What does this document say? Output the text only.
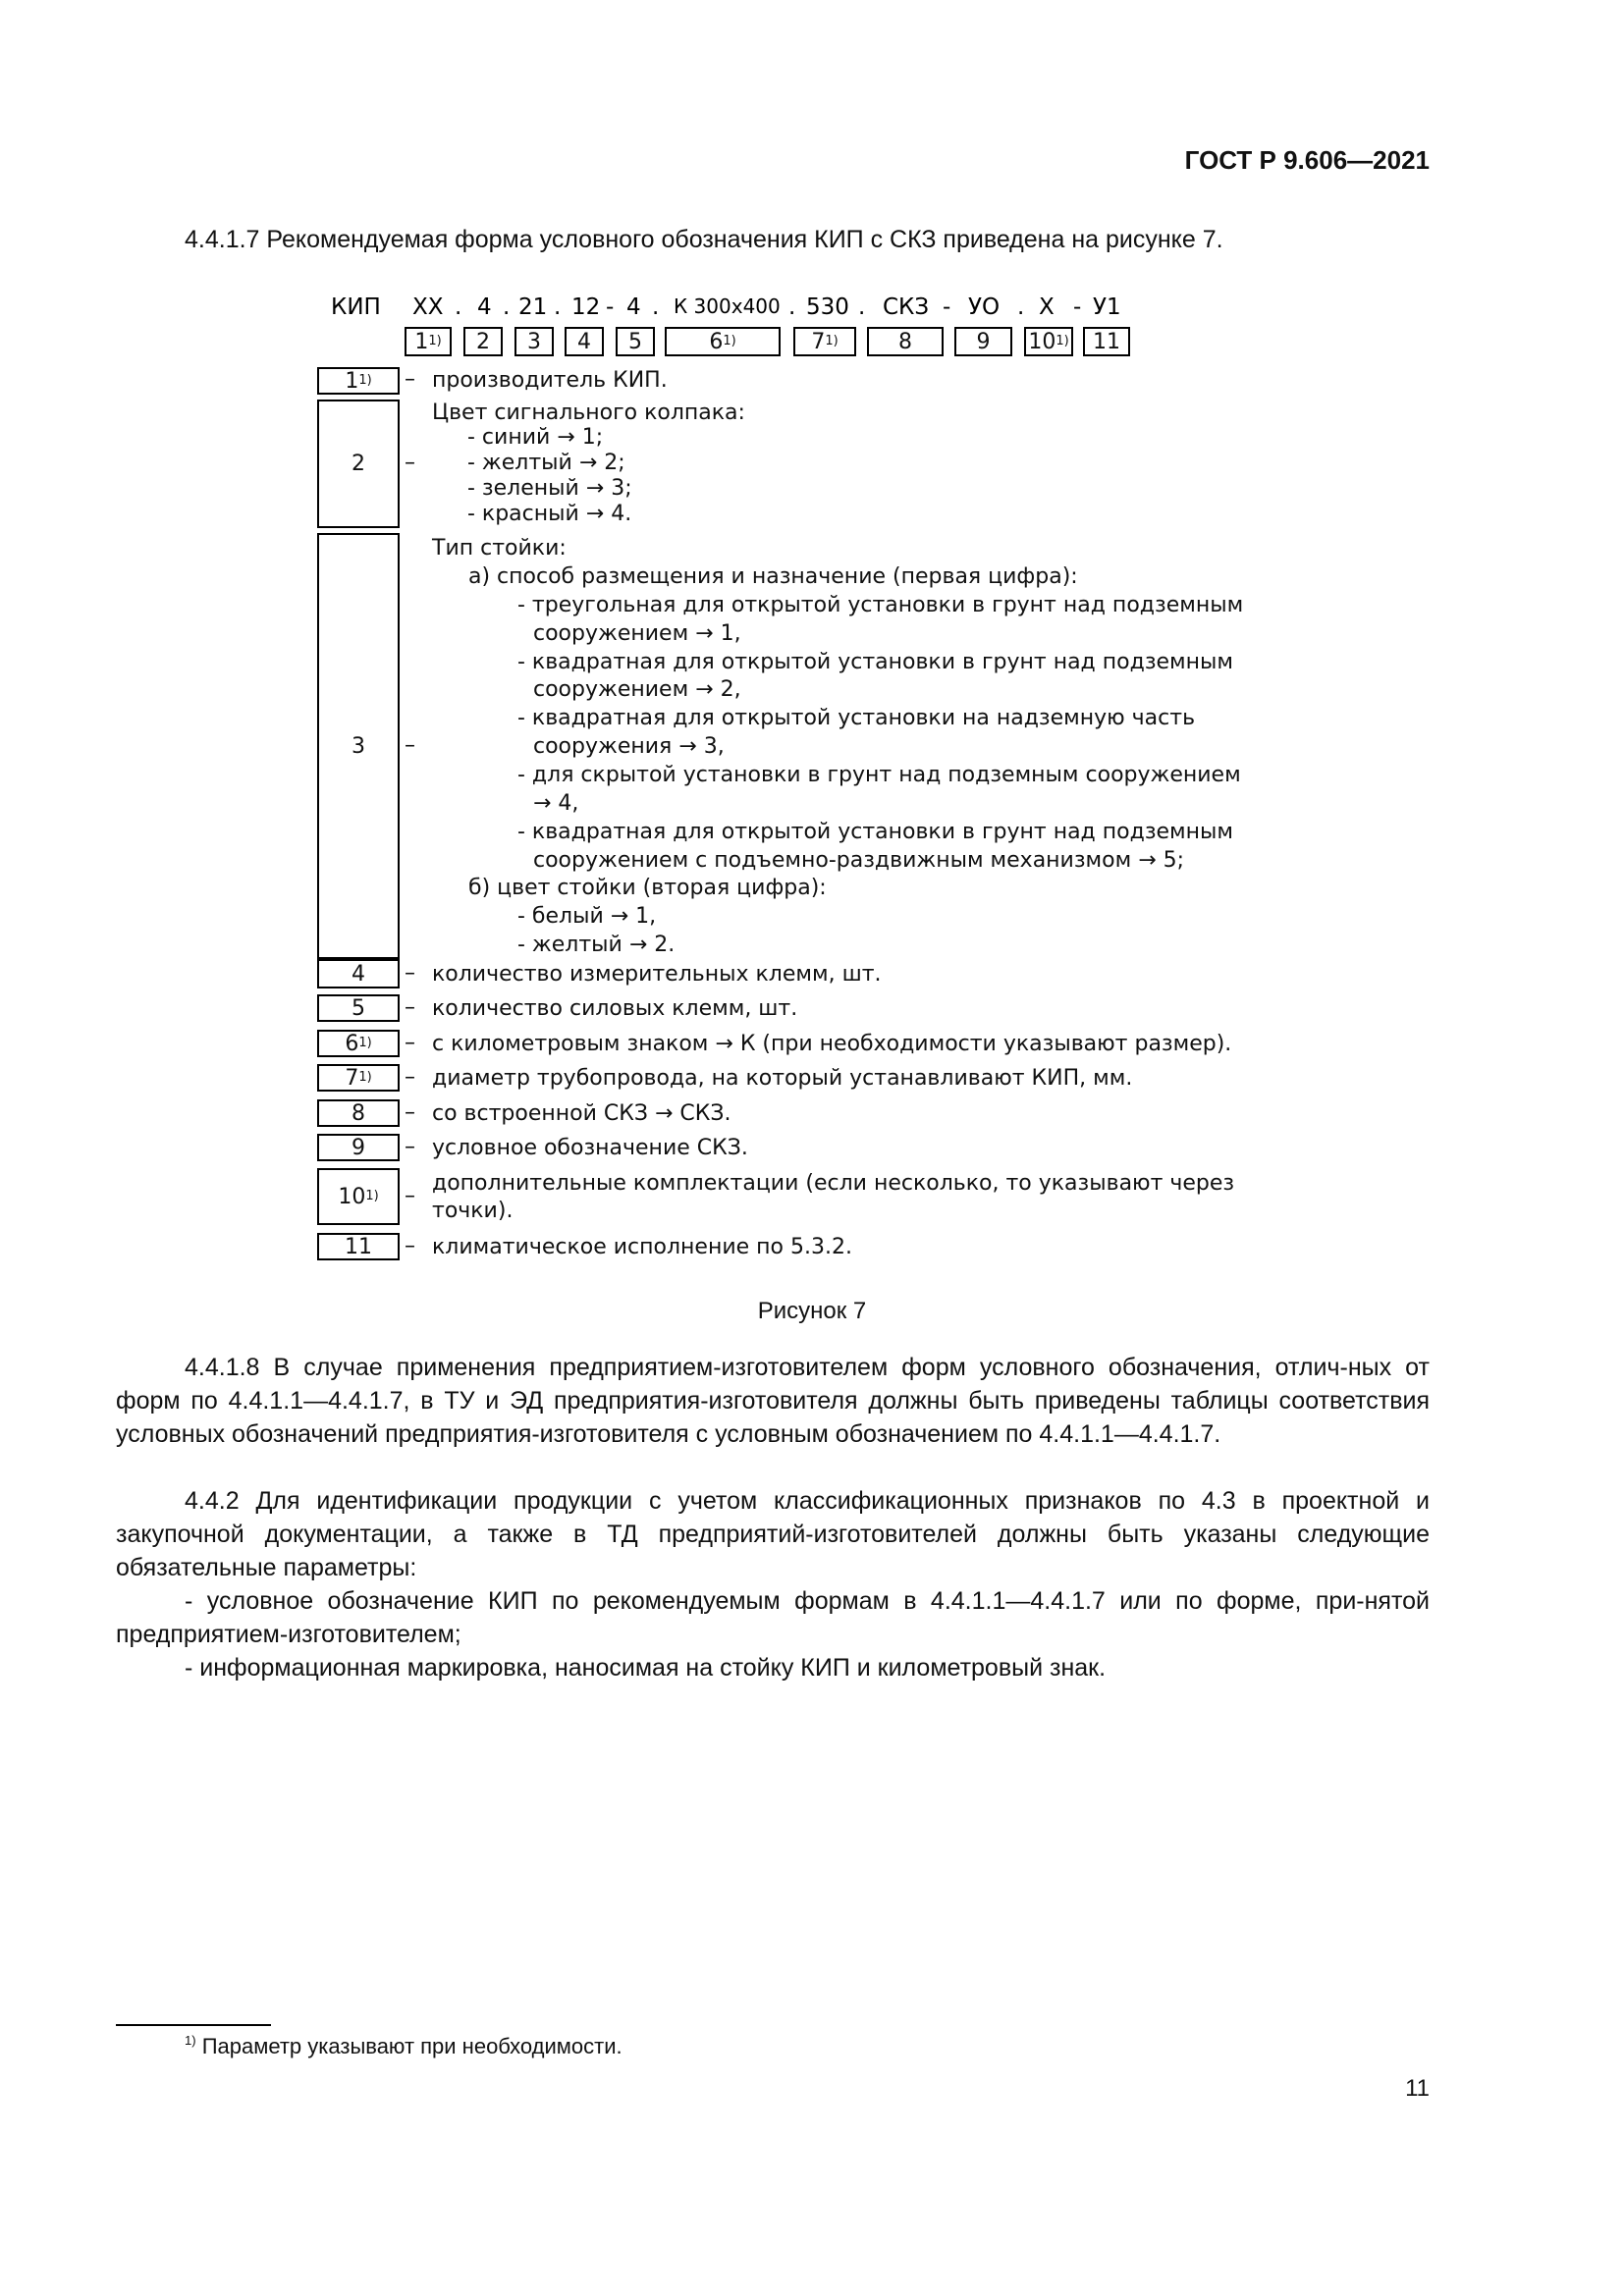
ГОСТ Р 9.606—2021
4.4.1.7 Рекомендуемая форма условного обозначения КИП с СКЗ приведена на рисунке 7.
КИП XX . 4 . 21 . 12 - 4 . К 300х400 . 530 . СКЗ - УО . Х - У1
1 1) 2 3 4 5	6 1)	7 1)	8	9 10 1) 11
1 1) – производитель КИП.
2 –
Цвет сигнального колпака:
- синий → 1;
- желтый → 2;
- зеленый → 3;
- красный → 4.
3 –
Тип стойки:
а) способ размещения и назначение (первая цифра):
- треугольная для открытой установки в грунт над подземным
сооружением → 1,
- квадратная для открытой установки в грунт над подземным
сооружением → 2,
- квадратная для открытой установки на надземную часть
сооружения → 3,
- для скрытой установки в грунт над подземным сооружением
→ 4,
- квадратная для открытой установки в грунт над подземным
сооружением с подъемно-раздвижным механизмом → 5;
б) цвет стойки (вторая цифра):
- белый → 1,
- желтый → 2.
4 – количество измерительных клемм, шт.
5 – количество силовых клемм, шт.
6 1) – с километровым знаком → К (при необходимости указывают размер).
7 1) – диаметр трубопровода, на который устанавливают КИП, мм.
8 – со встроенной СКЗ → СКЗ.
9 – условное обозначение СКЗ.
10 1) –
дополнительные комплектации (если несколько, то указывают через
точки).
11 – климатическое исполнение по 5.3.2.
Рисунок 7

4.4.1.8 В случае применения предприятием-изготовителем форм условного обозначения, отлич-ных от форм по 4.4.1.1—4.4.1.7, в ТУ и ЭД предприятия-изготовителя должны быть приведены таблицы соответствия условных обозначений предприятия-изготовителя с условным обозначением по 4.4.1.1—4.4.1.7.

4.4.2 Для идентификации продукции с учетом классификационных признаков по 4.3 в проектной и закупочной документации, а также в ТД предприятий-изготовителей должны быть указаны следующие обязательные параметры:

- условное обозначение КИП по рекомендуемым формам в 4.4.1.1—4.4.1.7 или по форме, при-нятой предприятием-изготовителем;

- информационная маркировка, наносимая на стойку КИП и километровый знак.

$^{1)}$ Параметр указывают при необходимости.
11
